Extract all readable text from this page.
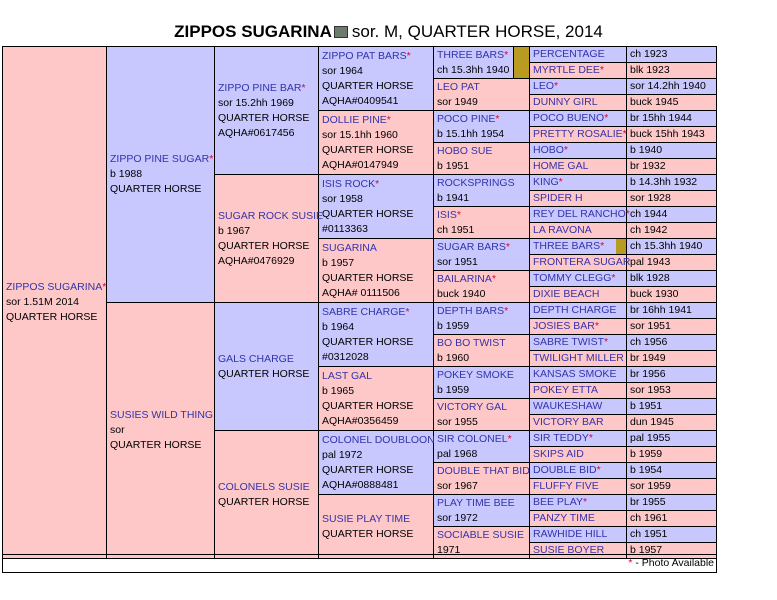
ZIPPOS SUGARINA sor. M, QUARTER HORSE, 2014
ZIPPOS SUGARINA*
sor 1.51M 2014
QUARTER HORSE	ZIPPO PINE SUGAR*
b 1988
QUARTER HORSE	ZIPPO PINE BAR*
sor 15.2hh 1969
QUARTER HORSE
AQHA#0617456	ZIPPO PAT BARS*
sor 1964
QUARTER HORSE
AQHA#0409541	THREE BARS*
ch 15.3hh 1940		PERCENTAGE	ch 1923

						MYRTLE DEE*	blk 1923

				LEO PAT
sor 1949		LEO*	sor 14.2hh 1940

						DUNNY GIRL	buck 1945

			DOLLIE PINE*
sor 15.1hh 1960
QUARTER HORSE
AQHA#0147949	POCO PINE*
b 15.1hh 1954		POCO BUENO*	br 15hh 1944

						PRETTY ROSALIE*	buck 15hh 1943

				HOBO SUE
b 1951		HOBO*	b 1940

						HOME GAL	br 1932

		SUGAR ROCK SUSIE
b 1967
QUARTER HORSE
AQHA#0476929	ISIS ROCK*
sor 1958
QUARTER HORSE
#0113363	ROCKSPRINGS
b 1941		KING*	b 14.3hh 1932

						SPIDER H	sor 1928

				ISIS*
ch 1951		REY DEL RANCHO*	ch 1944

						LA RAVONA	ch 1942

			SUGARINA
b 1957
QUARTER HORSE
AQHA# 0111506	SUGAR BARS*
sor 1951		THREE BARS*	ch 15.3hh 1940

						FRONTERA SUGAR	pal 1943

				BAILARINA*
buck 1940		TOMMY CLEGG*	blk 1928

						DIXIE BEACH	buck 1930

	SUSIES WILD THING
sor
QUARTER HORSE	GALS CHARGE
QUARTER HORSE	SABRE CHARGE*
b 1964
QUARTER HORSE
#0312028	DEPTH BARS*
b 1959		DEPTH CHARGE	br 16hh 1941

						JOSIES BAR*	sor 1951

				BO BO TWIST
b 1960		SABRE TWIST*	ch 1956

						TWILIGHT MILLER	br 1949

			LAST GAL
b 1965
QUARTER HORSE
AQHA#0356459	POKEY SMOKE
b 1959		KANSAS SMOKE	br 1956

						POKEY ETTA	sor 1953

				VICTORY GAL
sor 1955		WAUKESHAW	b 1951

						VICTORY BAR	dun 1945

		COLONELS SUSIE
QUARTER HORSE	COLONEL DOUBLOON
pal 1972
QUARTER HORSE
AQHA#0888481	SIR COLONEL*
pal 1968		SIR TEDDY*	pal 1955

						SKIPS AID	b 1959

				DOUBLE THAT BID
sor 1967		DOUBLE BID*	b 1954

						FLUFFY FIVE	sor 1959

			SUSIE PLAY TIME
QUARTER HORSE	PLAY TIME BEE
sor 1972		BEE PLAY*	br 1955

						PANZY TIME	ch 1961

				SOCIABLE SUSIE
1971		RAWHIDE HILL	ch 1951

						SUSIE BOYER	b 1957
* - Photo Available
